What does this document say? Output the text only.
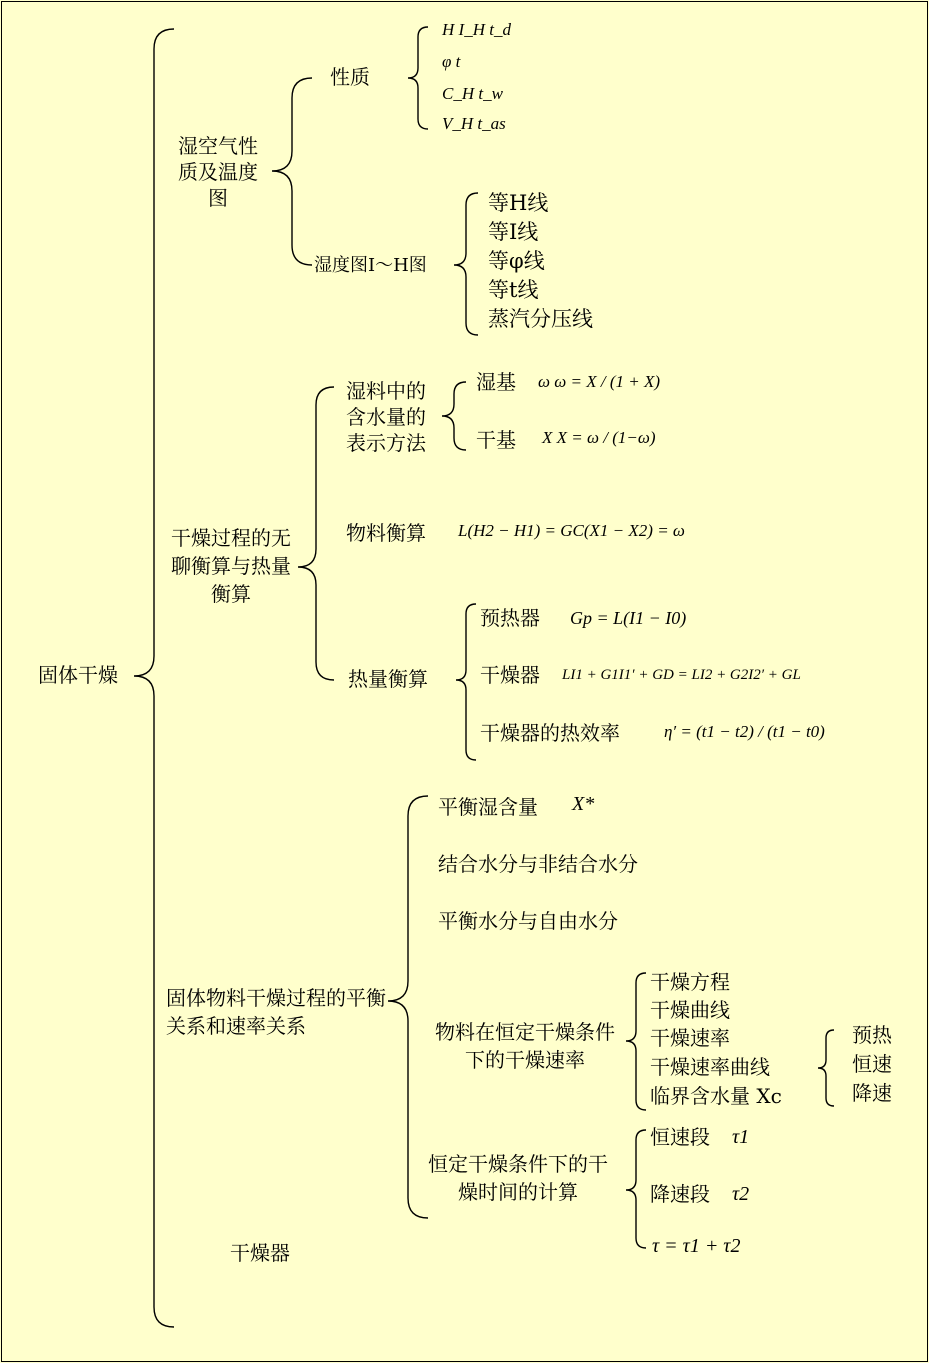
固体干燥
湿空气性质及温度图
性质
H I_H t_d
φ t
C_H t_w
V_H t_as
湿度图I～H图
等H线
等I线
等φ线
等t线
蒸汽分压线
干燥过程的无聊衡算与热量衡算
湿料中的含水量的表示方法
湿基 ω ω = X / (1 + X)
干基 X X = ω / (1−ω)
物料衡算 L(H2 − H1) = GC(X1 − X2) = ω
热量衡算
预热器 Gp = L(I1 − I0)
干燥器 LI1 + G1I1′ + GD = LI2 + G2I2′ + GL
干燥器的热效率	η′ = (t1 − t2) / (t1 − t0)
固体物料干燥过程的平衡关系和速率关系
平衡湿含量 X*
结合水分与非结合水分
平衡水分与自由水分
物料在恒定干燥条件下的干燥速率
干燥方程
干燥曲线
干燥速率
干燥速率曲线
临界含水量 Xc
预热
恒速
降速
恒定干燥条件下的干燥时间的计算
恒速段 τ1
降速段 τ2
τ = τ1 + τ2
干燥器
